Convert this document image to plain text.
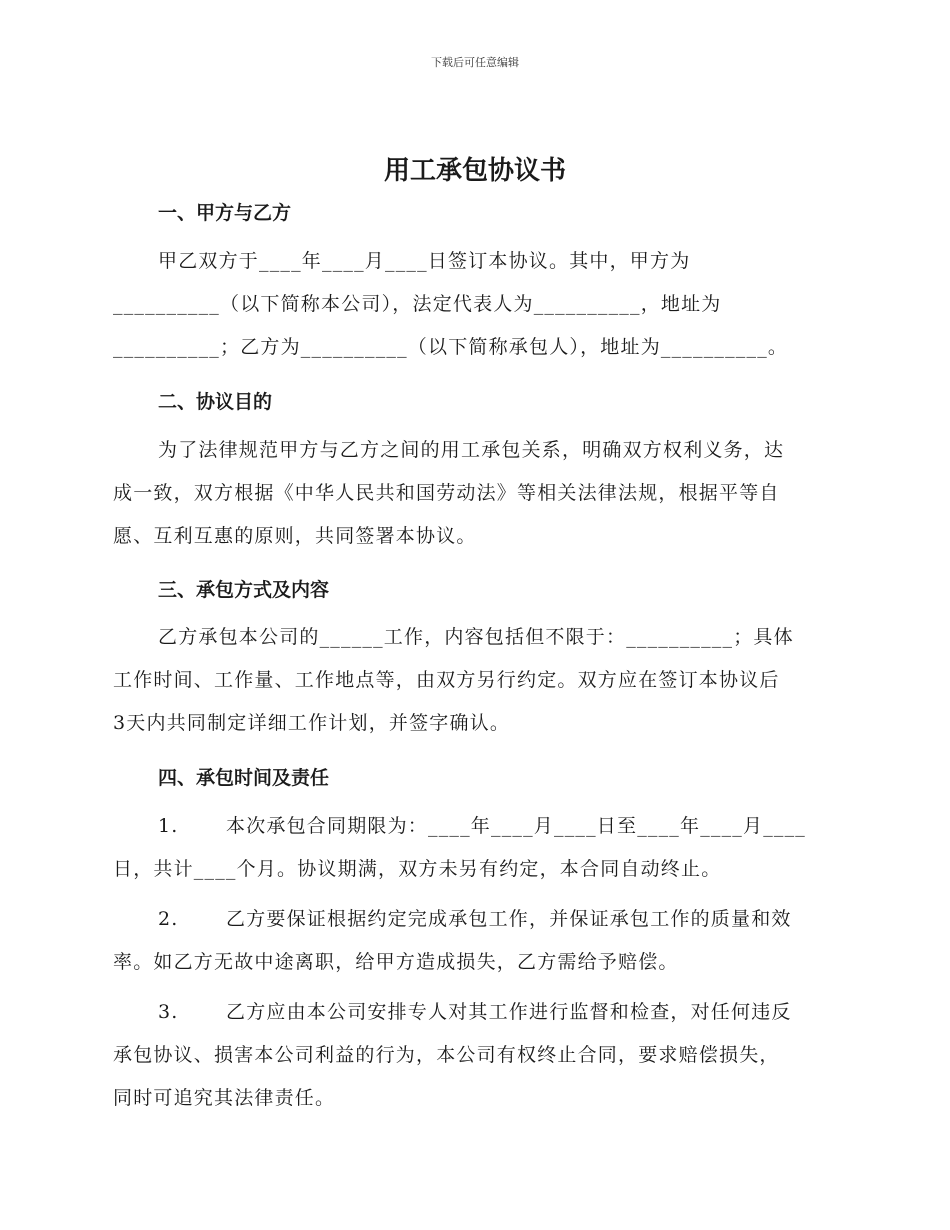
下载后可任意编辑
用工承包协议书
一、甲方与乙方
甲乙双方于____年____月____日签订本协议。其中，甲方为
__________（以下简称本公司），法定代表人为__________，地址为
__________；乙方为__________（以下简称承包人），地址为__________。
二、协议目的
为了法律规范甲方与乙方之间的用工承包关系，明确双方权利义务，达
成一致，双方根据《中华人民共和国劳动法》等相关法律法规，根据平等自
愿、互利互惠的原则，共同签署本协议。
三、承包方式及内容
乙方承包本公司的______工作，内容包括但不限于：__________；具体
工作时间、工作量、工作地点等，由双方另行约定。双方应在签订本协议后
3天内共同制定详细工作计划，并签字确认。
四、承包时间及责任
1. 本次承包合同期限为：____年____月____日至____年____月____
日，共计____个月。协议期满，双方未另有约定，本合同自动终止。
2. 乙方要保证根据约定完成承包工作，并保证承包工作的质量和效
率。如乙方无故中途离职，给甲方造成损失，乙方需给予赔偿。
3. 乙方应由本公司安排专人对其工作进行监督和检查，对任何违反
承包协议、损害本公司利益的行为，本公司有权终止合同，要求赔偿损失，
同时可追究其法律责任。
